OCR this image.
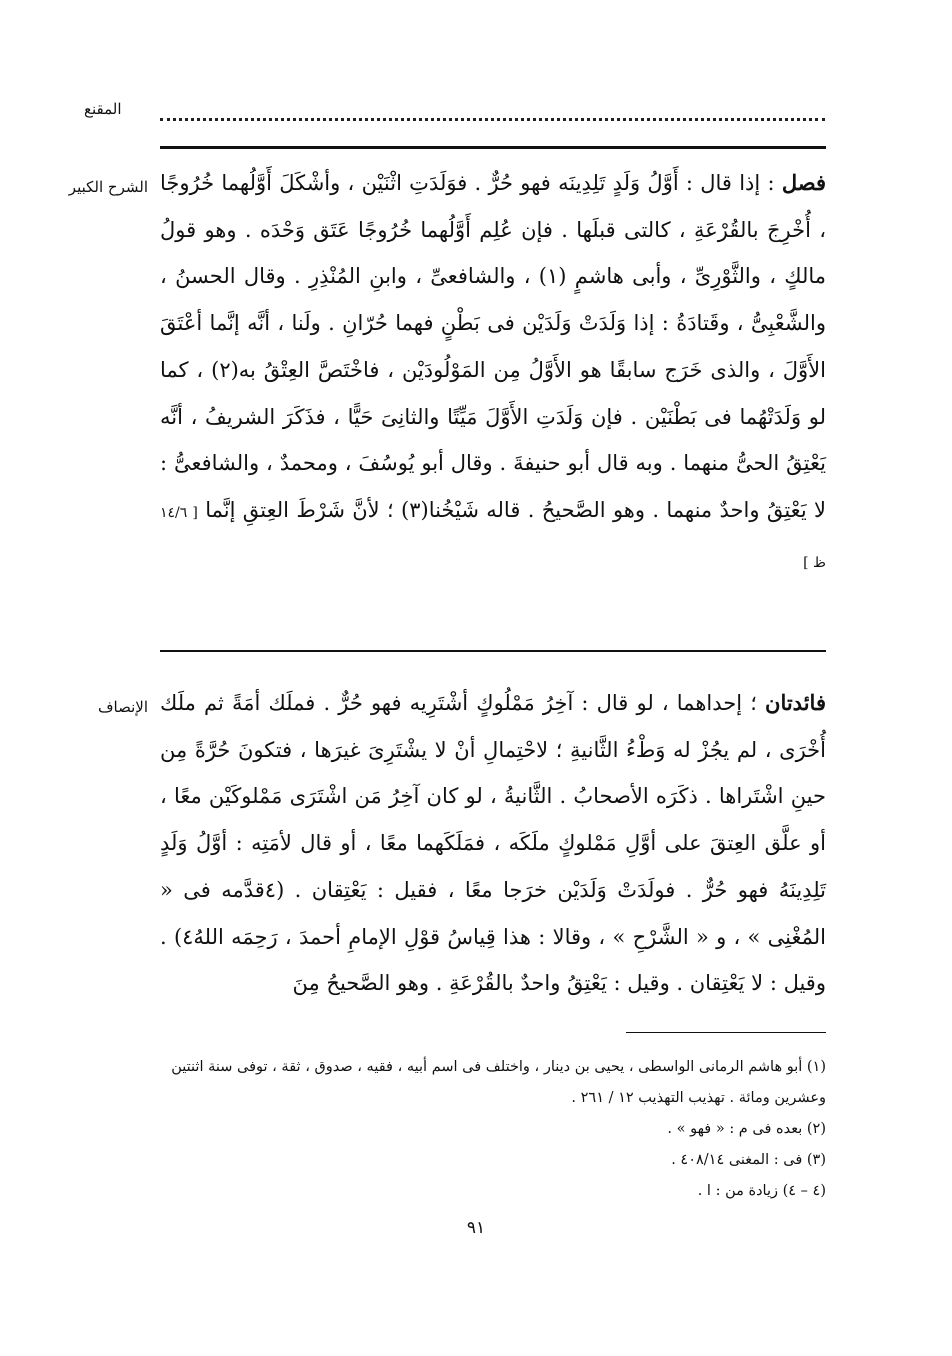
المقنع
الشرح الكبير	فصل : إذا قال : أَوَّلُ وَلَدٍ تَلِدِينَه فهو حُرٌّ . فوَلَدَتِ اثْنَيْن ، وأشْكَلَ أَوَّلُهما خُرُوجًا ، أُخْرِجَ بالقُرْعَةِ ، كالتى قبلَها . فإن عُلِم أَوَّلُهما خُرُوجًا عَتَق وَحْدَه . وهو قولُ مالكٍ ، والثَّوْرِىِّ ، وأبى هاشمٍ (١) ، والشافعىِّ ، وابنِ المُنْذِرِ . وقال الحسنُ ، والشَّعْبِىُّ ، وقَتادَةُ : إذا وَلَدَتْ وَلَدَيْن فى بَطْنٍ فهما حُرّانِ . ولَنا ، أنَّه إنَّما أعْتَقَ الأَوَّلَ ، والذى خَرَج سابقًا هو الأَوَّلُ مِن المَوْلُودَيْن ، فاخْتَصَّ العِتْقُ به(٢) ، كما لو وَلَدَتْهُما فى بَطْنَيْن . فإن وَلَدَتِ الأَوَّلَ مَيِّتًا والثانِىَ حَيًّا ، فذَكَرَ الشريفُ ، أنَّه يَعْتِقُ الحىُّ منهما . وبه قال أبو حنيفةَ . وقال أبو يُوسُفَ ، ومحمدٌ ، والشافعىُّ : لا يَعْتِقُ واحدٌ منهما . وهو الصَّحيحُ . قاله شَيْخُنا(٣) ؛ لأنَّ شَرْطَ العِتقِ إنَّما [ ١٤/٦ ظ ]

الإنصاف	فائدتان ؛ إحداهما ، لو قال : آخِرُ مَمْلُوكٍ أشْتَرِيه فهو حُرٌّ . فملَك أمَةً ثم ملَك أُخْرَى ، لم يجُزْ له وَطْءُ الثَّانيةِ ؛ لاحْتِمالِ أنْ لا يشْتَرِىَ غيرَها ، فتكونَ حُرَّةً مِن حينِ اشْتَراها . ذكَرَه الأصحابُ . الثَّانيةُ ، لو كان آخِرُ مَن اشْتَرَى مَمْلوكَيْن معًا ، أو علَّق العِتقَ على أوَّلِ مَمْلوكٍ ملَكَه ، فمَلَكَهما معًا ، أو قال لأمَتِه : أوَّلُ وَلَدٍ تَلِدِينَهُ فهو حُرٌّ . فولَدَتْ وَلَدَيْن خرَجا معًا ، فقيل : يَعْتِقان . (٤قدَّمه فى « المُغْنِى » ، و « الشَّرْحِ » ، وقالا : هذا قِياسُ قوْلِ الإمامِ أحمدَ ، رَحِمَه اللهُ٤) . وقيل : لا يَعْتِقان . وقيل : يَعْتِقُ واحدٌ بالقُرْعَةِ . وهو الصَّحيحُ مِنَ

(١) أبو هاشم الرمانى الواسطى ، يحيى بن دينار ، واختلف فى اسم أبيه ، فقيه ، صدوق ، ثقة ، توفى سنة اثنتين وعشرين ومائة . تهذيب التهذيب ١٢ / ٢٦١ .
(٢) بعده فى م : « فهو » .
(٣) فى : المغنى ٤٠٨/١٤ .
(٤ – ٤) زيادة من : ا .
٩١
